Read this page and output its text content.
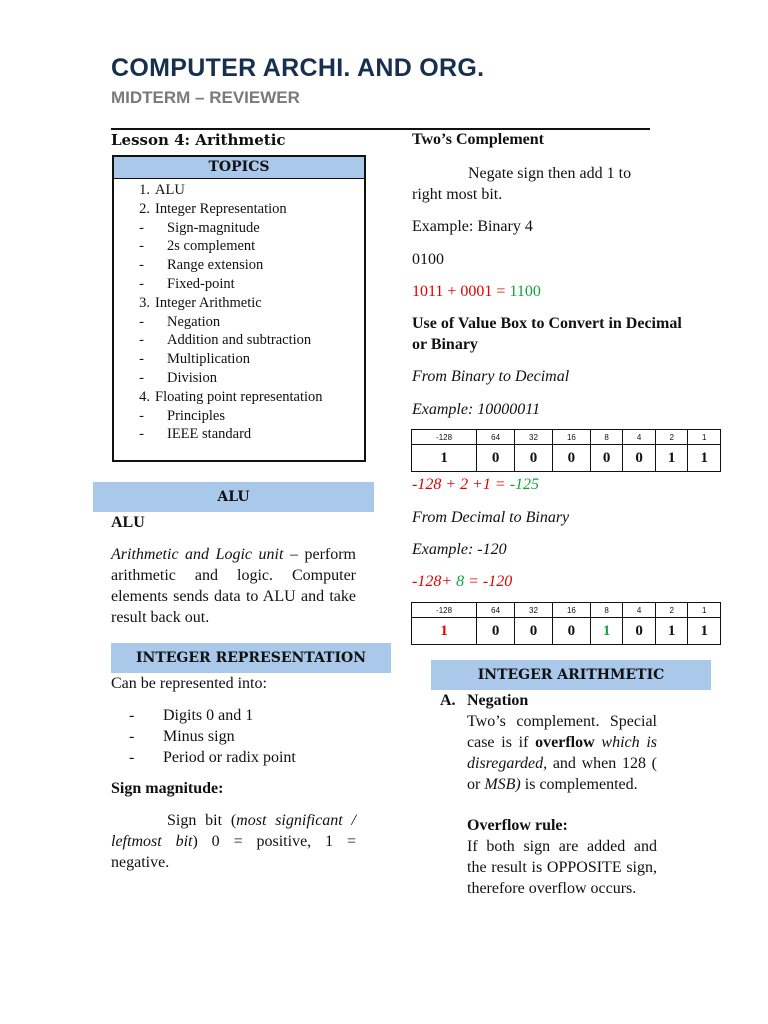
COMPUTER ARCHI. AND ORG.
MIDTERM – REVIEWER
Lesson 4: Arithmetic
TOPICS
1. ALU
2. Integer Representation
- Sign-magnitude
- 2s complement
- Range extension
- Fixed-point
3. Integer Arithmetic
- Negation
- Addition and subtraction
- Multiplication
- Division
4. Floating point representation
- Principles
- IEEE standard
ALU
ALU
Arithmetic and Logic unit – perform arithmetic and logic. Computer elements sends data to ALU and take result back out.
INTEGER REPRESENTATION
Can be represented into:
- Digits 0 and 1
- Minus sign
- Period or radix point
Sign magnitude:
Sign bit (most significant / leftmost bit) 0 = positive, 1 = negative.
Two’s Complement
Negate sign then add 1 to right most bit.
Example: Binary 4
0100
1011 + 0001 = 1100
Use of Value Box to Convert in Decimal or Binary
From Binary to Decimal
Example: 10000011
-128	64	32	16	8	4	2	1
1	0	0	0	0	0	1	1
-128 + 2 +1 = -125
From Decimal to Binary
Example: -120
-128+ 8 = -120
-128	64	32	16	8	4	2	1
1	0	0	0	1	0	1	1
INTEGER ARITHMETIC
A. Negation
Two’s complement. Special case is if overflow which is disregarded, and when 128 ( or MSB) is complemented.
Overflow rule:
If both sign are added and the result is OPPOSITE sign, therefore overflow occurs.
